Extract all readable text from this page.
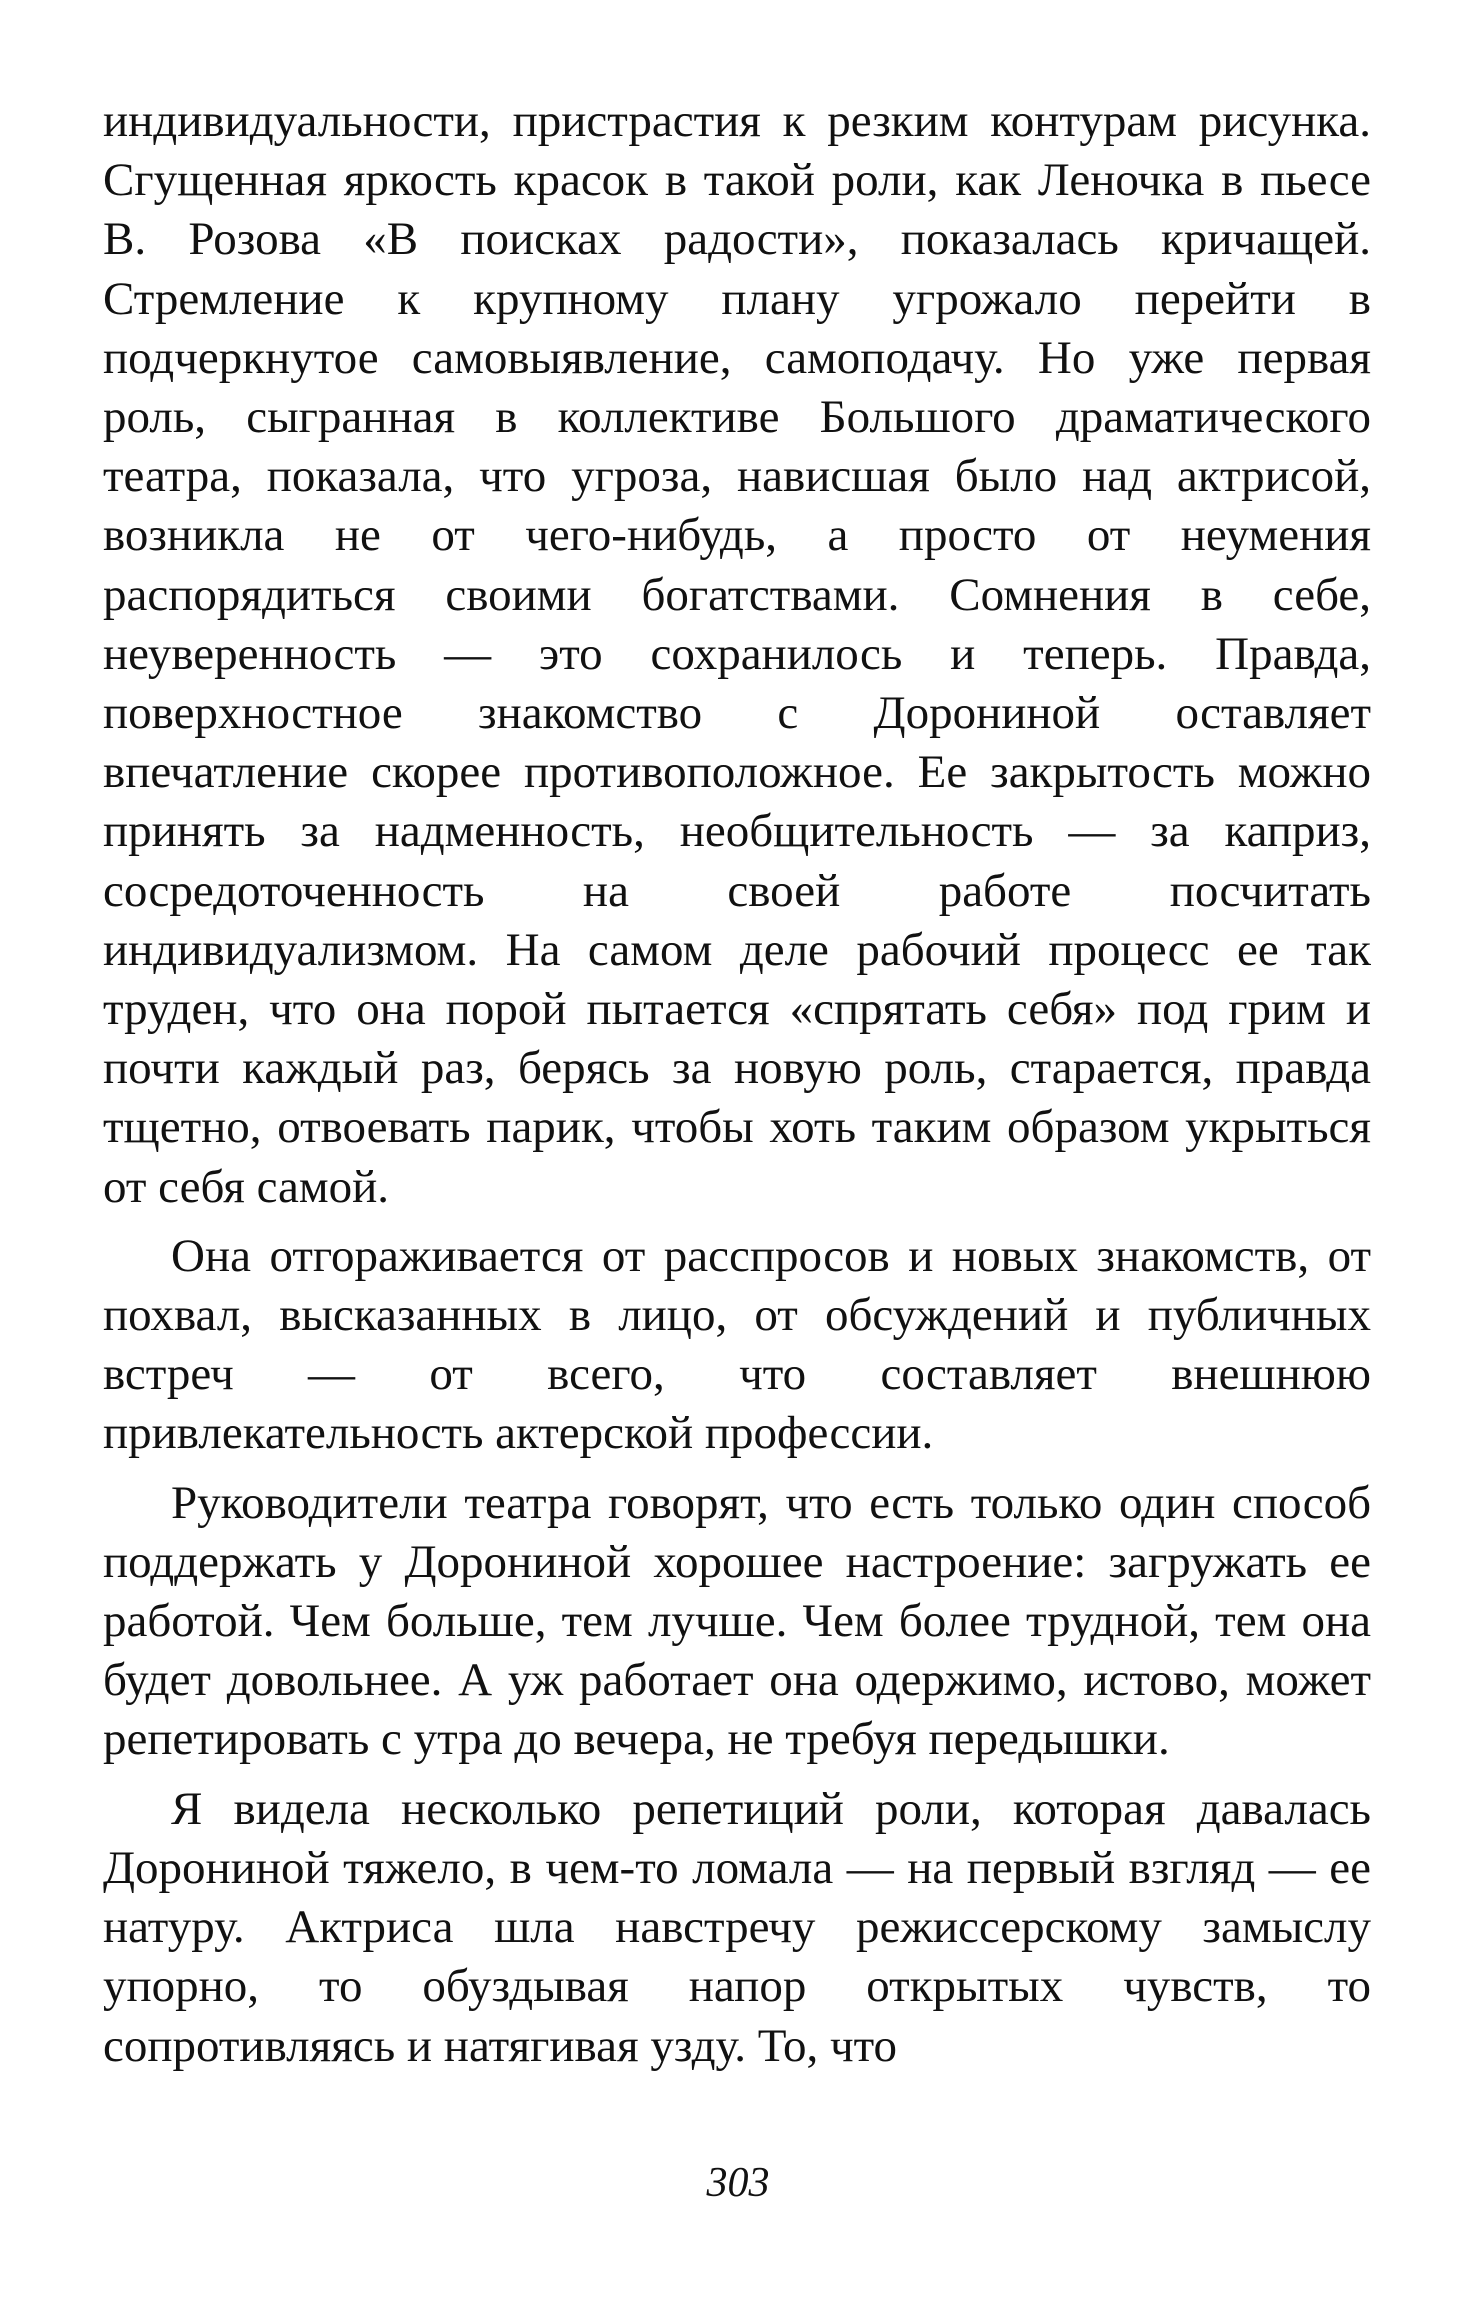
индивидуальности, пристрастия к резким контурам рисунка. Сгущенная яркость красок в такой роли, как Леночка в пьесе В. Розова «В поисках радости», показалась кричащей. Стремление к крупному плану угрожало перейти в подчеркнутое самовыявление, самоподачу. Но уже первая роль, сыгранная в коллективе Большого драматического театра, показала, что угроза, нависшая было над актрисой, возникла не от чего-нибудь, а просто от неумения распорядиться своими богатствами. Сомнения в себе, неуверенность — это сохранилось и теперь. Правда, поверхностное знакомство с Дорониной оставляет впечатление скорее противоположное. Ее закрытость можно принять за надменность, необщительность — за каприз, сосредоточенность на своей работе посчитать индивидуализмом. На самом деле рабочий процесс ее так труден, что она порой пытается «спрятать себя» под грим и почти каждый раз, берясь за новую роль, старается, правда тщетно, отвоевать парик, чтобы хоть таким образом укрыться от себя самой.

Она отгораживается от расспросов и новых знакомств, от похвал, высказанных в лицо, от обсуждений и публичных встреч — от всего, что составляет внешнюю привлекательность актерской профессии.

Руководители театра говорят, что есть только один способ поддержать у Дорониной хорошее настроение: загружать ее работой. Чем больше, тем лучше. Чем более трудной, тем она будет довольнее. А уж работает она одержимо, истово, может репетировать с утра до вечера, не требуя передышки.

Я видела несколько репетиций роли, которая давалась Дорониной тяжело, в чем-то ломала — на первый взгляд — ее натуру. Актриса шла навстречу режиссерскому замыслу упорно, то обуздывая напор открытых чувств, то сопротивляясь и натягивая узду. То, что

303
